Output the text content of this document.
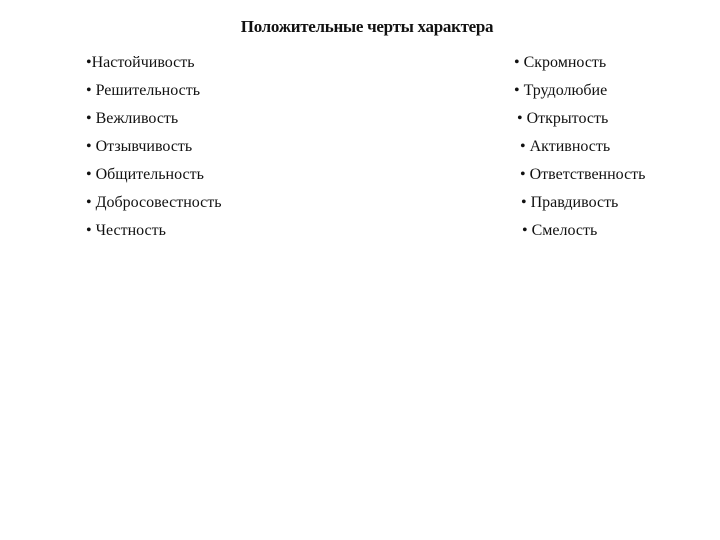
Положительные черты характера
•Настойчивость
• Решительность
• Вежливость
• Отзывчивость
• Общительность
• Добросовестность
• Честность
• Скромность
• Трудолюбие
• Открытость
• Активность
• Ответственность
• Правдивость
• Смелость
